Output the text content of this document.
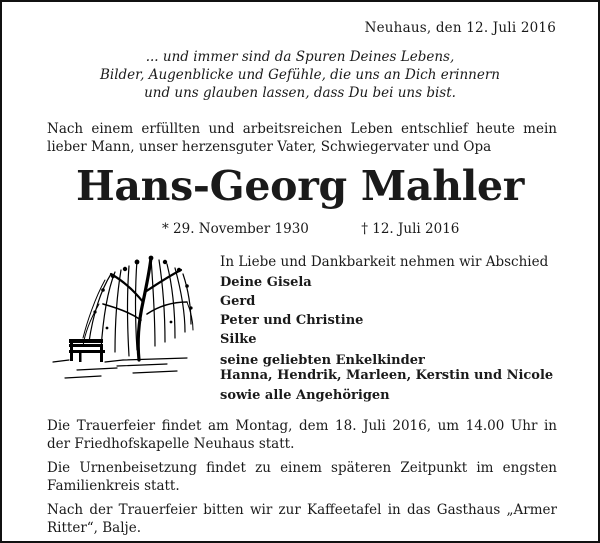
Neuhaus, den 12. Juli 2016
... und immer sind da Spuren Deines Lebens,
Bilder, Augenblicke und Gefühle, die uns an Dich erinnern
und uns glauben lassen, dass Du bei uns bist.
Nach einem erfüllten und arbeitsreichen Leben entschlief heute mein lieber Mann, unser herzensguter Vater, Schwiegervater und Opa
Hans-Georg Mahler
* 29. November 1930	† 12. Juli 2016
In Liebe und Dankbarkeit nehmen wir Abschied
Deine Gisela
Gerd
Peter und Christine
Silke
seine geliebten Enkelkinder
Hanna, Hendrik, Marleen, Kerstin und Nicole
sowie alle Angehörigen

Die Trauerfeier findet am Montag, dem 18. Juli 2016, um 14.00 Uhr in der Friedhofskapelle Neuhaus statt.

Die Urnenbeisetzung findet zu einem späteren Zeitpunkt im engsten Familienkreis statt.

Nach der Trauerfeier bitten wir zur Kaffeetafel in das Gasthaus „Armer Ritter“, Balje.
